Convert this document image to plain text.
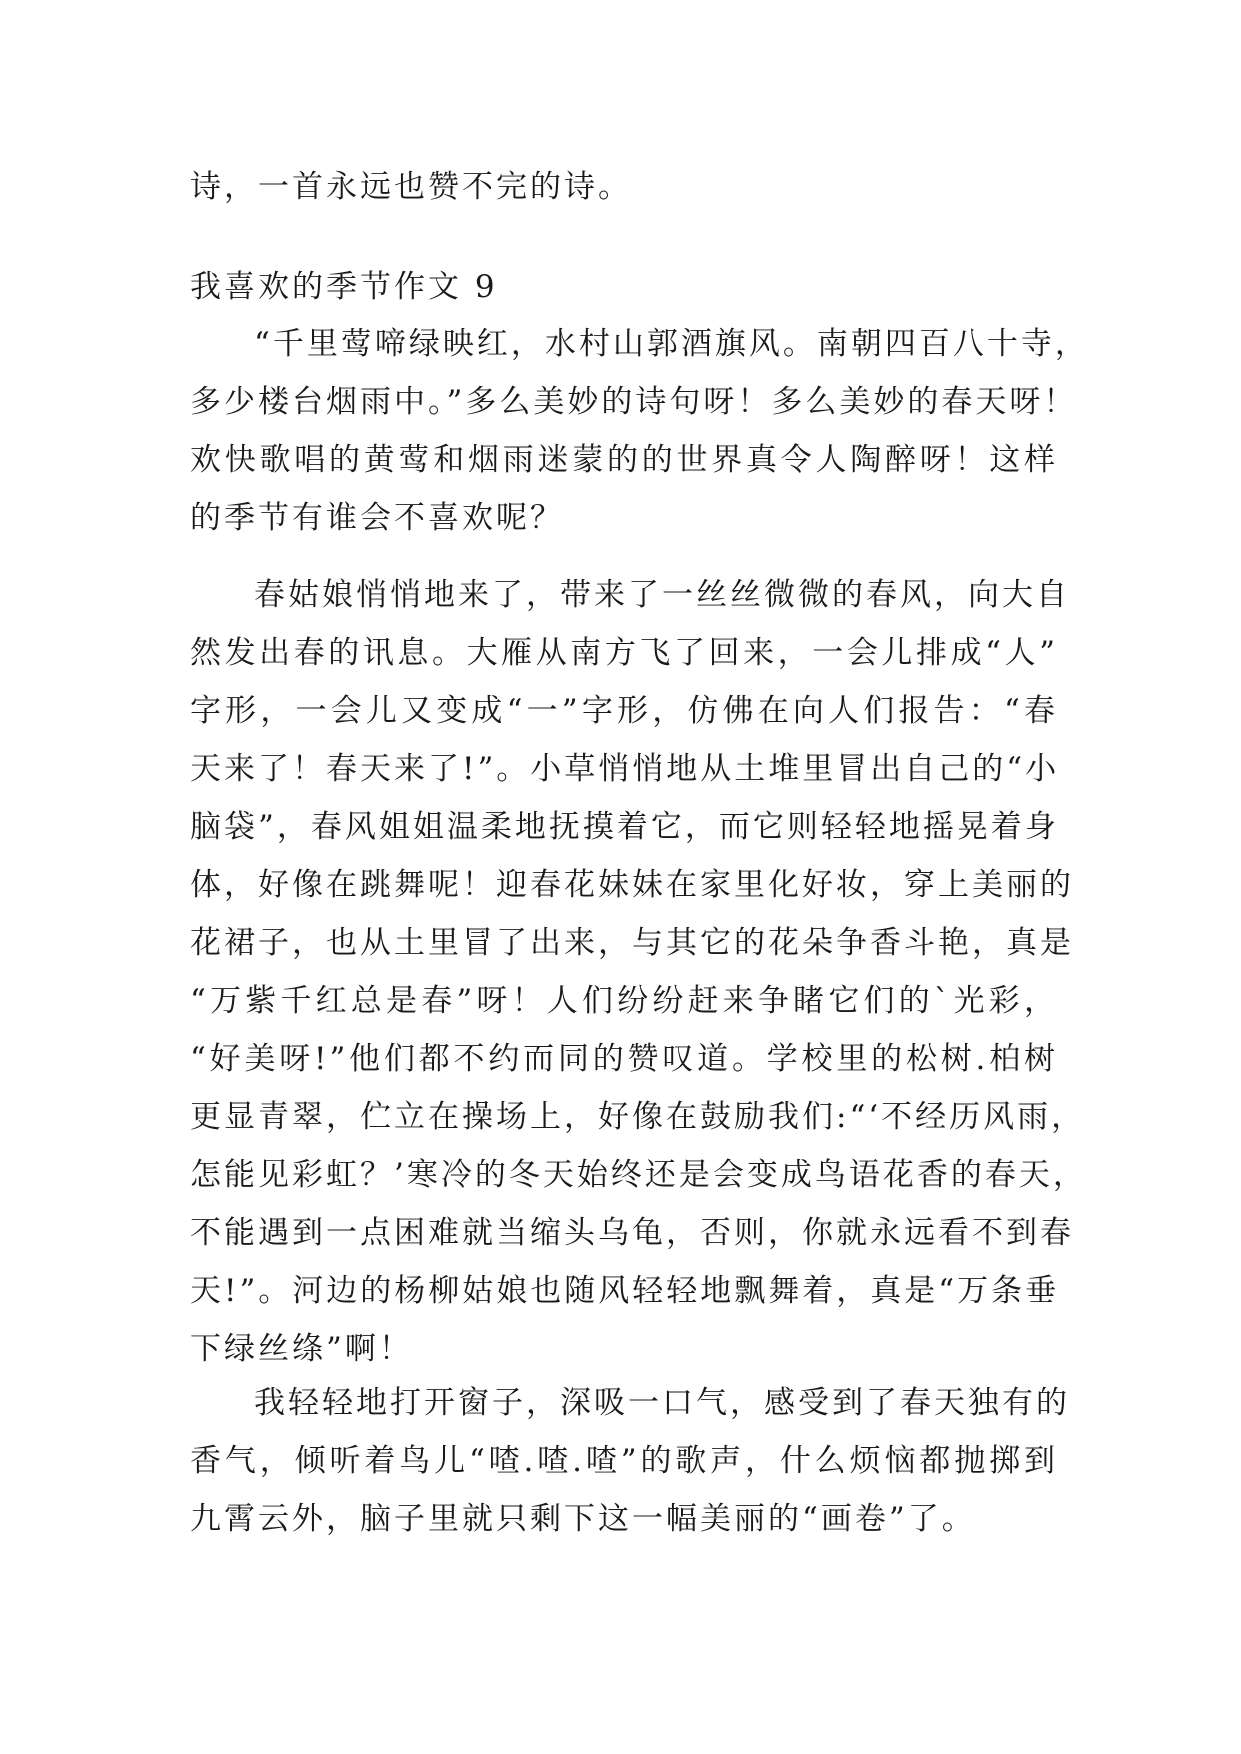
诗，一首永远也赞不完的诗。
我喜欢的季节作文 9
“千里莺啼绿映红，水村山郭酒旗风。南朝四百八十寺，
多少楼台烟雨中。”多么美妙的诗句呀！多么美妙的春天呀！
欢快歌唱的黄莺和烟雨迷蒙的的世界真令人陶醉呀！这样
的季节有谁会不喜欢呢？
春姑娘悄悄地来了，带来了一丝丝微微的春风，向大自
然发出春的讯息。大雁从南方飞了回来，一会儿排成“人”
字形，一会儿又变成“一”字形，仿佛在向人们报告：“春
天来了！春天来了!”。小草悄悄地从土堆里冒出自己的“小
脑袋”，春风姐姐温柔地抚摸着它，而它则轻轻地摇晃着身
体，好像在跳舞呢！迎春花妹妹在家里化好妆，穿上美丽的
花裙子，也从土里冒了出来，与其它的花朵争香斗艳，真是
“万紫千红总是春”呀！人们纷纷赶来争睹它们的`光彩，
“好美呀!”他们都不约而同的赞叹道。学校里的松树.柏树
更显青翠，伫立在操场上，好像在鼓励我们:“‘不经历风雨，
怎能见彩虹？’寒冷的冬天始终还是会变成鸟语花香的春天，
不能遇到一点困难就当缩头乌龟，否则，你就永远看不到春
天!”。河边的杨柳姑娘也随风轻轻地飘舞着，真是“万条垂
下绿丝绦”啊！
我轻轻地打开窗子，深吸一口气，感受到了春天独有的
香气，倾听着鸟儿“喳.喳.喳”的歌声，什么烦恼都抛掷到
九霄云外，脑子里就只剩下这一幅美丽的“画卷”了。
